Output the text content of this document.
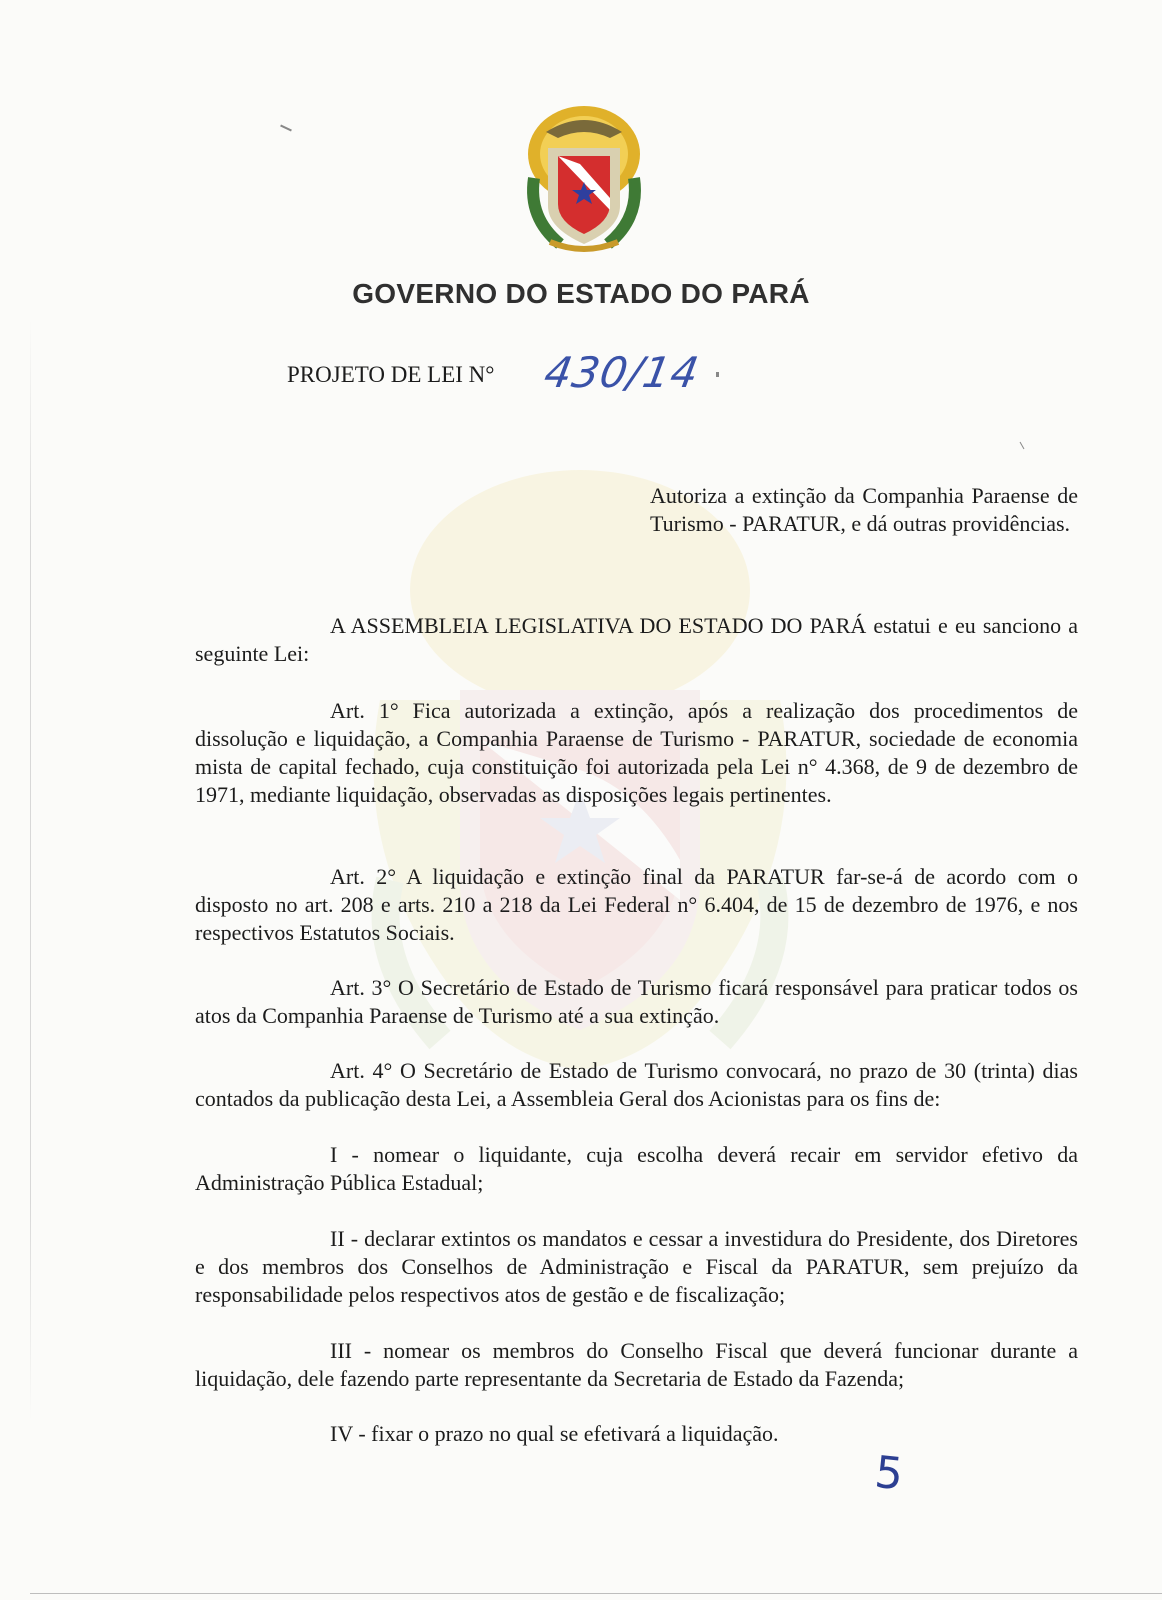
GOVERNO DO ESTADO DO PARÁ
PROJETO DE LEI N° 430/14
Autoriza a extinção da Companhia Paraense de Turismo - PARATUR, e dá outras providências.
A ASSEMBLEIA LEGISLATIVA DO ESTADO DO PARÁ estatui e eu sanciono a seguinte Lei:
Art. 1° Fica autorizada a extinção, após a realização dos procedimentos de dissolução e liquidação, a Companhia Paraense de Turismo - PARATUR, sociedade de economia mista de capital fechado, cuja constituição foi autorizada pela Lei n° 4.368, de 9 de dezembro de 1971, mediante liquidação, observadas as disposições legais pertinentes.
Art. 2° A liquidação e extinção final da PARATUR far-se-á de acordo com o disposto no art. 208 e arts. 210 a 218 da Lei Federal n° 6.404, de 15 de dezembro de 1976, e nos respectivos Estatutos Sociais.
Art. 3° O Secretário de Estado de Turismo ficará responsável para praticar todos os atos da Companhia Paraense de Turismo até a sua extinção.
Art. 4° O Secretário de Estado de Turismo convocará, no prazo de 30 (trinta) dias contados da publicação desta Lei, a Assembleia Geral dos Acionistas para os fins de:
I - nomear o liquidante, cuja escolha deverá recair em servidor efetivo da Administração Pública Estadual;
II - declarar extintos os mandatos e cessar a investidura do Presidente, dos Diretores e dos membros dos Conselhos de Administração e Fiscal da PARATUR, sem prejuízo da responsabilidade pelos respectivos atos de gestão e de fiscalização;
III - nomear os membros do Conselho Fiscal que deverá funcionar durante a liquidação, dele fazendo parte representante da Secretaria de Estado da Fazenda;
IV - fixar o prazo no qual se efetivará a liquidação.
5
